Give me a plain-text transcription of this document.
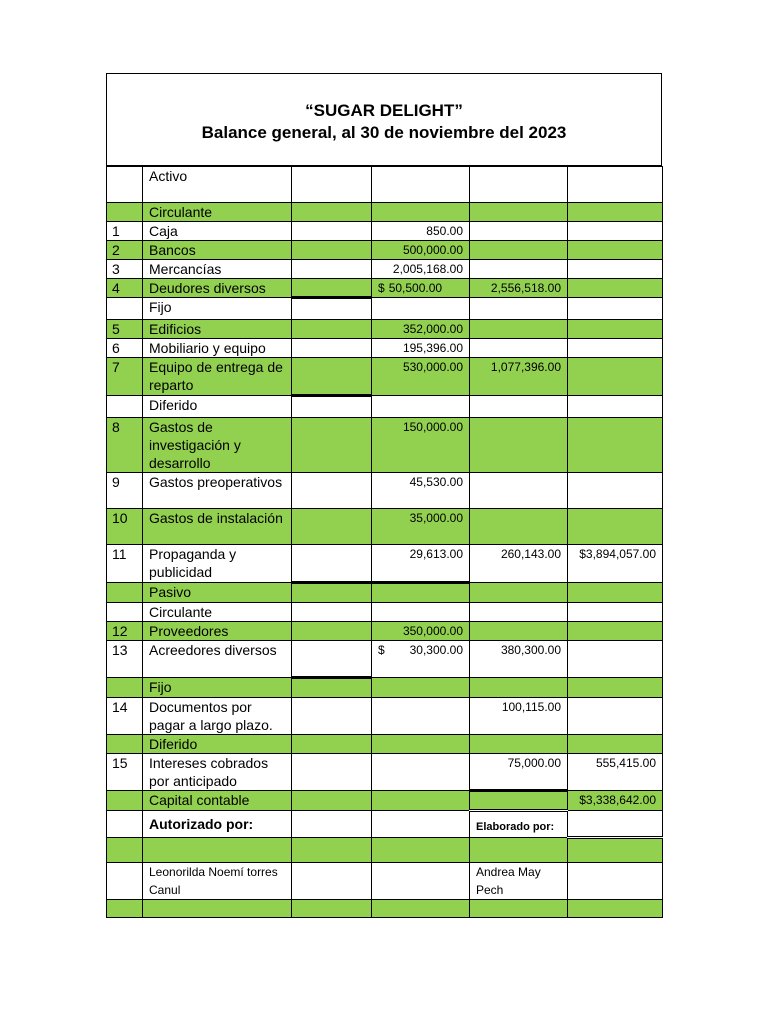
“SUGAR DELIGHT”
Balance general, al 30 de noviembre del 2023
	Activo				
	Circulante				
1	Caja		850.00		
2	Bancos		500,000.00		
3	Mercancías		2,005,168.00		
4	Deudores diversos		$ 50,500.00	2,556,518.00	
	Fijo				
5	Edificios		352,000.00		
6	Mobiliario y equipo		195,396.00		
7	Equipo de entrega de reparto		530,000.00	1,077,396.00	
	Diferido				
8	Gastos de investigación y desarrollo		150,000.00		
9	Gastos preoperativos		45,530.00		
10	Gastos de instalación		35,000.00		
11	Propaganda y publicidad		29,613.00	260,143.00	$3,894,057.00
	Pasivo				
	Circulante				
12	Proveedores		350,000.00		
13	Acreedores diversos		$ 30,300.00	380,300.00	
	Fijo				
14	Documentos por pagar a largo plazo.			100,115.00	
	Diferido				
15	Intereses cobrados por anticipado			75,000.00	555,415.00
	Capital contable				$3,338,642.00
	Autorizado por:			Elaborado por:	

	Leonorilda Noemí torres Canul			Andrea May Pech	
